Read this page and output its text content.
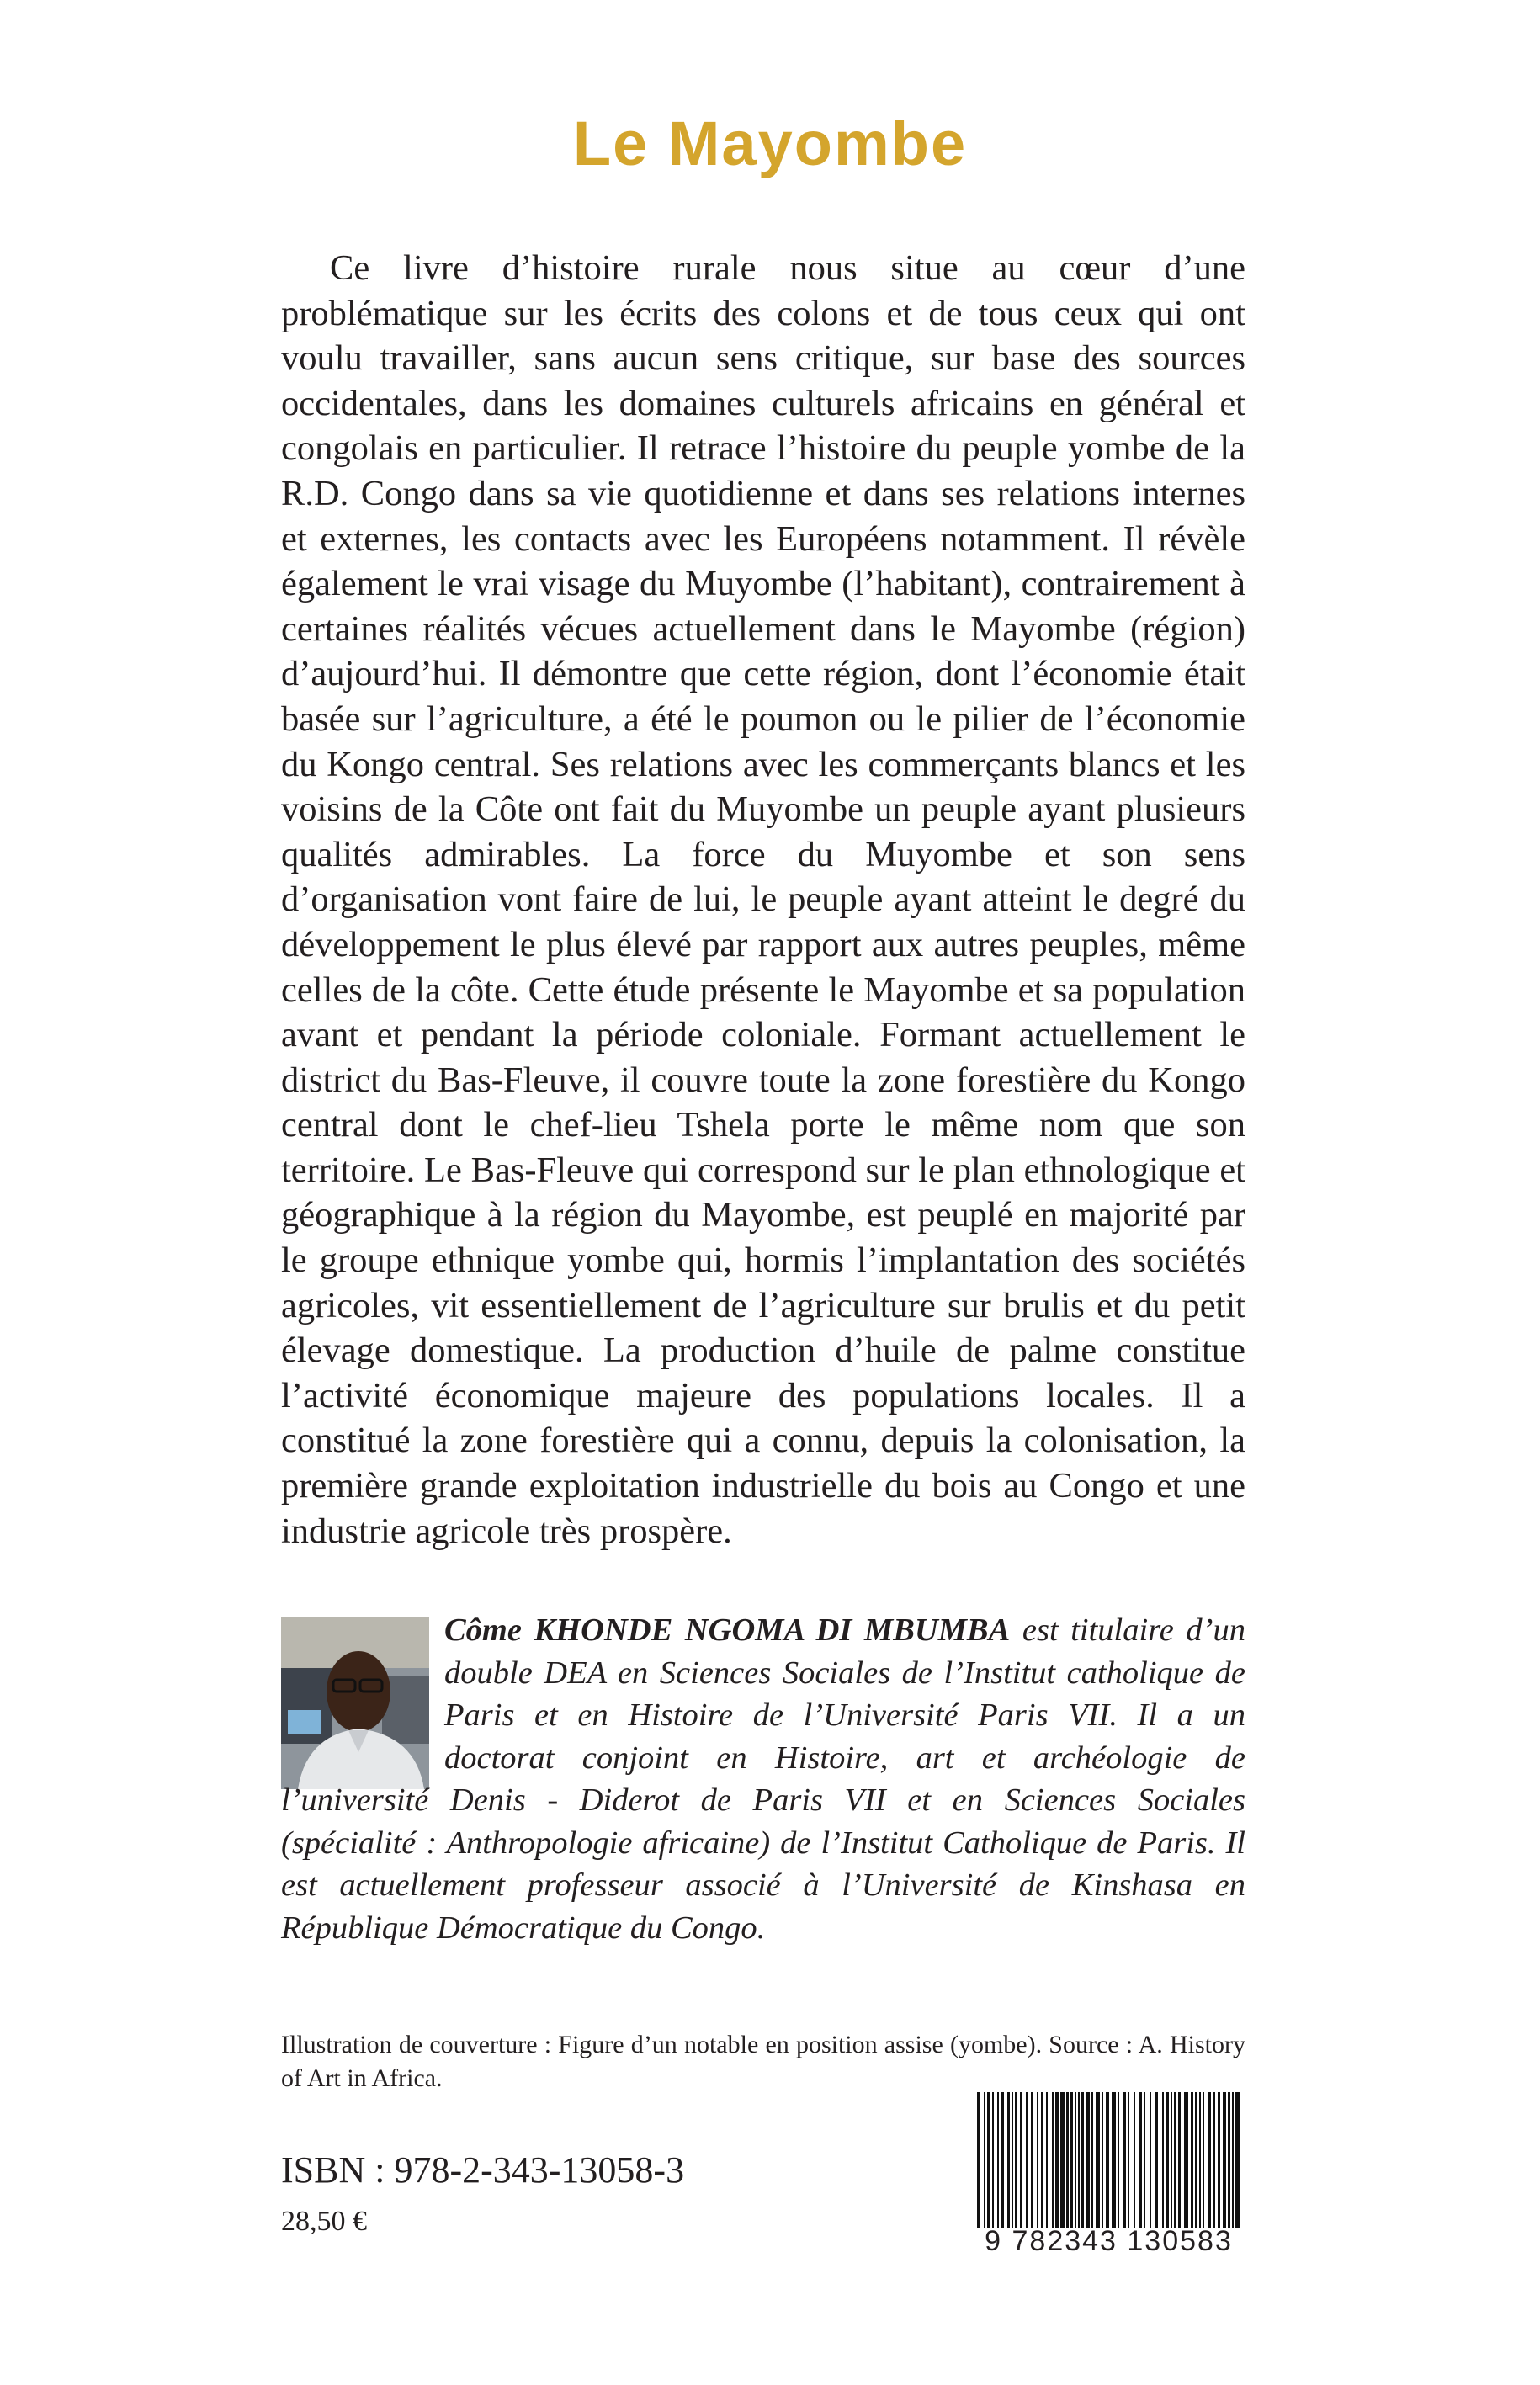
Le Mayombe

Ce livre d’histoire rurale nous situe au cœur d’une problématique sur les écrits des colons et de tous ceux qui ont voulu travailler, sans aucun sens critique, sur base des sources occidentales, dans les domaines culturels africains en général et congolais en particulier. Il retrace l’histoire du peuple yombe de la R.D. Congo dans sa vie quotidienne et dans ses relations internes et externes, les contacts avec les Européens notamment. Il révèle également le vrai visage du Muyombe (l’habitant), contrairement à certaines réalités vécues actuellement dans le Mayombe (région) d’aujourd’hui. Il démontre que cette région, dont l’économie était basée sur l’agriculture, a été le poumon ou le pilier de l’économie du Kongo central. Ses relations avec les commerçants blancs et les voisins de la Côte ont fait du Muyombe un peuple ayant plusieurs qualités admirables. La force du Muyombe et son sens d’organisation vont faire de lui, le peuple ayant atteint le degré du développement le plus élevé par rapport aux autres peuples, même celles de la côte. Cette étude présente le Mayombe et sa population avant et pendant la période coloniale. Formant actuellement le district du Bas-Fleuve, il couvre toute la zone forestière du Kongo central dont le chef-lieu Tshela porte le même nom que son territoire. Le Bas-Fleuve qui correspond sur le plan ethnologique et géographique à la région du Mayombe, est peuplé en majorité par le groupe ethnique yombe qui, hormis l’implantation des sociétés agricoles, vit essentiellement de l’agriculture sur brulis et du petit élevage domestique. La production d’huile de palme constitue l’activité économique majeure des populations locales. Il a constitué la zone forestière qui a connu, depuis la colonisation, la première grande exploitation industrielle du bois au Congo et une industrie agricole très prospère.

Côme KHONDE NGOMA DI MBUMBA est titulaire d’un double DEA en Sciences Sociales de l’Institut catholique de Paris et en Histoire de l’Université Paris VII. Il a un doctorat conjoint en Histoire, art et archéologie de l’université Denis - Diderot de Paris VII et en Sciences Sociales (spécialité : Anthropologie africaine) de l’Institut Catholique de Paris. Il est actuellement professeur associé à l’Université de Kinshasa en République Démocratique du Congo.

Illustration de couverture : Figure d’un notable en position assise (yombe). Source : A. History of Art in Africa.

ISBN : 978-2-343-13058-3

28,50 €

9 782343 130583
